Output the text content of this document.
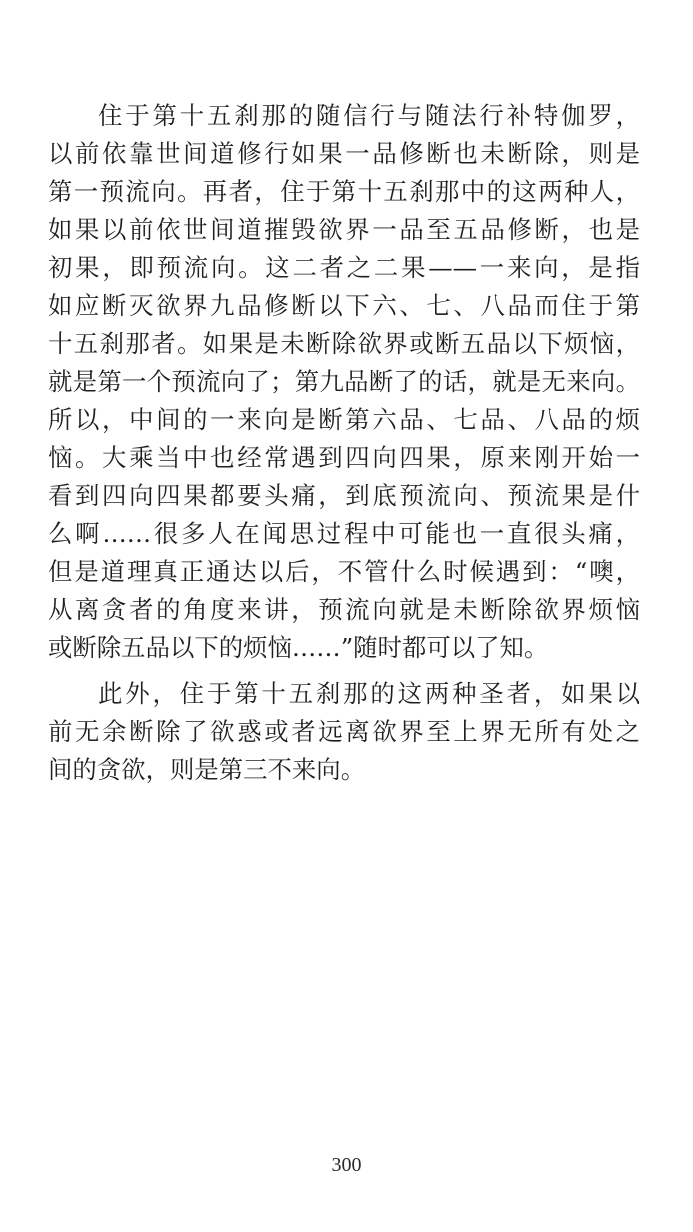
住于第十五刹那的随信行与随法行补特伽罗，
以前依靠世间道修行如果一品修断也未断除，则是
第一预流向。再者，住于第十五刹那中的这两种人，
如果以前依世间道摧毁欲界一品至五品修断，也是
初果，即预流向。这二者之二果——一来向，是指
如应断灭欲界九品修断以下六、七、八品而住于第
十五刹那者。如果是未断除欲界或断五品以下烦恼，
就是第一个预流向了；第九品断了的话，就是无来向。
所以，中间的一来向是断第六品、七品、八品的烦
恼。大乘当中也经常遇到四向四果，原来刚开始一
看到四向四果都要头痛，到底预流向、预流果是什
么啊……很多人在闻思过程中可能也一直很头痛，
但是道理真正通达以后，不管什么时候遇到：“噢，
从离贪者的角度来讲，预流向就是未断除欲界烦恼
或断除五品以下的烦恼……”随时都可以了知。
此外，住于第十五刹那的这两种圣者，如果以
前无余断除了欲惑或者远离欲界至上界无所有处之
间的贪欲，则是第三不来向。
300
